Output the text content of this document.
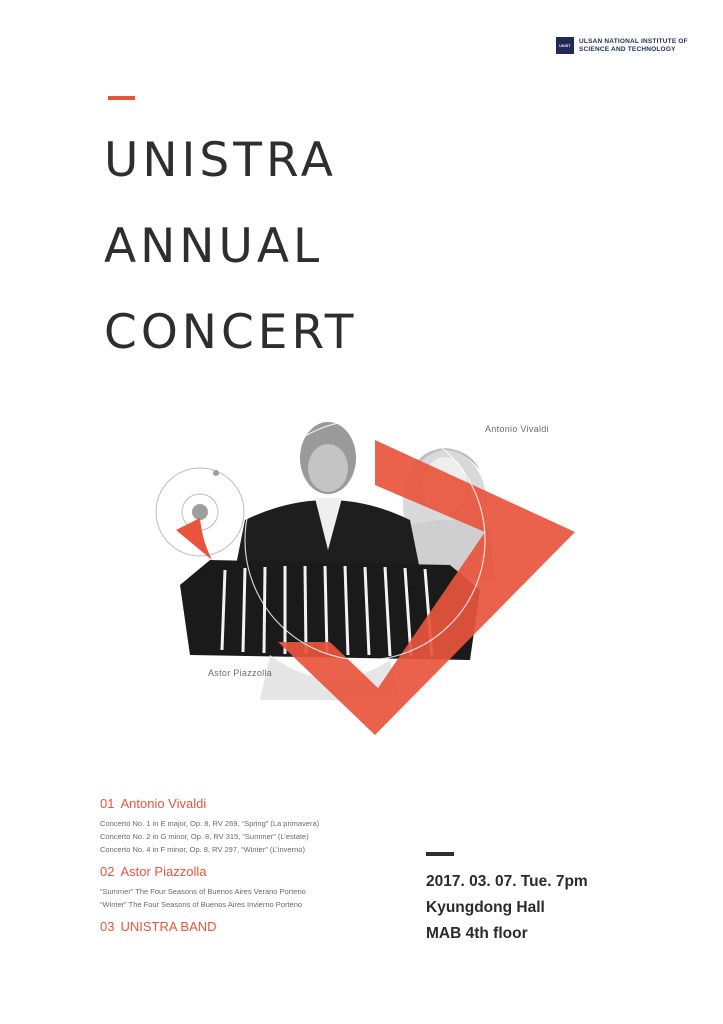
UNIST
ULSAN NATIONAL INSTITUTE OF
SCIENCE AND TECHNOLOGY
UNISTRA
ANNUAL
CONCERT
Antonio Vivaldi
Astor Piazzolla
01 Antonio Vivaldi
Concerto No. 1 in E major, Op. 8, RV 269, “Spring” (La primavera)
Concerto No. 2 in G minor, Op. 8, RV 315, “Summer” (L’estate)
Concerto No. 4 in F minor, Op. 8, RV 297, “Winter” (L’inverno)
02 Astor Piazzolla
“Summer” The Four Seasons of Buenos Aires Verano Porteno
“Winter” The Four Seasons of Buenos Aires Invierno Porteno
03 UNISTRA BAND
2017. 03. 07. Tue. 7pm
Kyungdong Hall
MAB 4th floor
